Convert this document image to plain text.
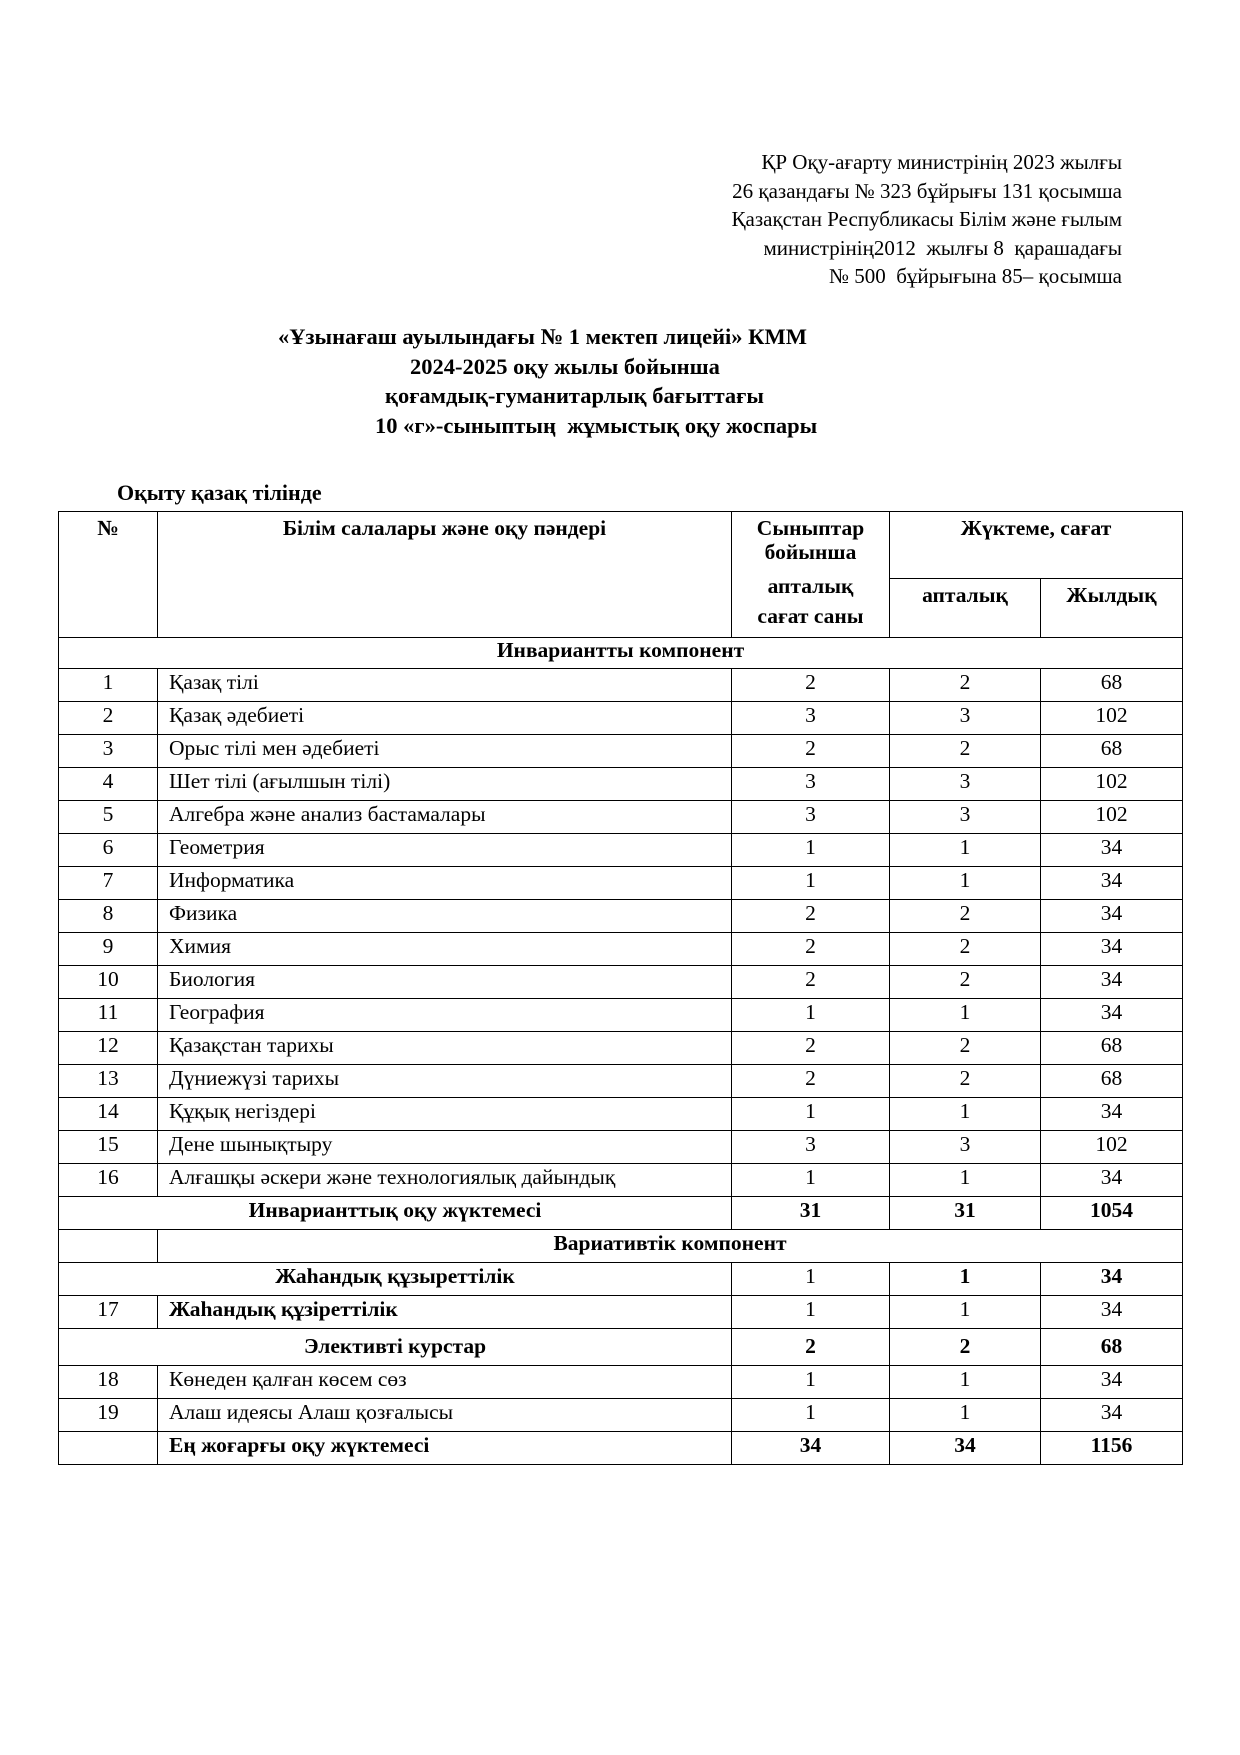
ҚР Оқу-ағарту министрінің 2023 жылғы
26 қазандағы № 323 бұйрығы 131 қосымша
Қазақстан Республикасы Білім және ғылым
министрінің2012  жылғы 8  қарашадағы
№ 500  бұйрығына 85– қосымша
«Ұзынағаш ауылындағы № 1 мектеп лицейі» КММ
2024-2025 оқу жылы бойынша
қоғамдық-гуманитарлық бағыттағы
10 «г»-сыныптың  жұмыстық оқу жоспары
Оқыту қазақ тілінде
№	Білім салалары және оқу пәндері	Сыныптар
бойынша
апталық
сағат саны	Жүктеме, сағат	
			апталық	Жылдық
Инвариантты компонент				
1	Қазақ тілі	2	2	68
2	Қазақ әдебиеті	3	3	102
3	Орыс тілі мен әдебиеті	2	2	68
4	Шет тілі (ағылшын тілі)	3	3	102
5	Алгебра және анализ бастамалары	3	3	102
6	Геометрия	1	1	34
7	Информатика	1	1	34
8	Физика	2	2	34
9	Химия	2	2	34
10	Биология	2	2	34
11	География	1	1	34
12	Қазақстан тарихы	2	2	68
13	Дүниежүзі тарихы	2	2	68
14	Құқық негіздері	1	1	34
15	Дене шынықтыру	3	3	102
16	Алғашқы әскери және технологиялық дайындық	1	1	34
Инварианттық оқу жүктемесі		31	31	1054
	Вариативтік компонент			
Жаһандық құзыреттілік		1	1	34
17	Жаһандық құзіреттілік	1	1	34
Элективті курстар		2	2	68
18	Көнеден қалған көсем сөз	1	1	34
19	Алаш идеясы Алаш қозғалысы	1	1	34
	Ең жоғарғы оқу жүктемесі	34	34	1156
